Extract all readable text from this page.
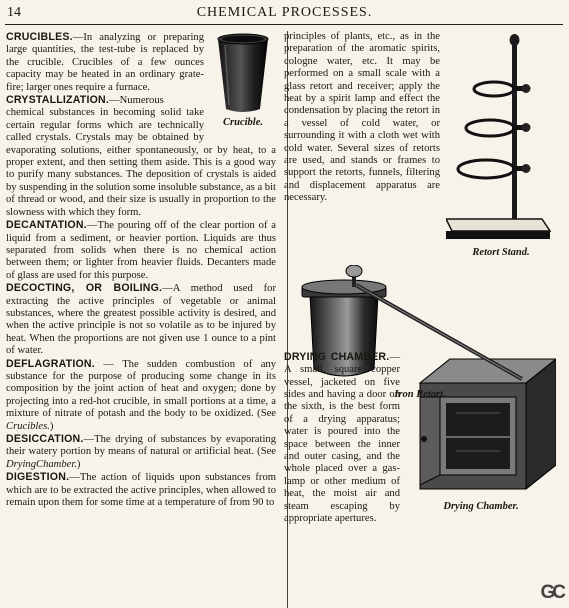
CHEMICAL PROCESSES.
14
Crucible.

CRUCIBLES.—In analyzing or preparing large quantities, the test-tube is replaced by the crucible. Crucibles of a few ounces capacity may be heated in an ordinary grate-fire; larger ones require a furnace.

CRYSTALLIZATION.—Numerous chemical substances in becoming solid take certain regular forms which are technically called crystals. Crystals may be obtained by evaporating solutions, either spontaneously, or by heat, to a proper extent, and then setting them aside. This is a good way to purify many substances. The deposition of crystals is aided by suspending in the solution some insoluble substance, as a bit of thread or wood, and their size is usually in proportion to the slowness with which they form.

DECANTATION.—The pouring off of the clear portion of a liquid from a sediment, or heavier portion. Liquids are thus separated from solids when there is no chemical action between them; or lighter from heavier fluids. Decanters made of glass are used for this purpose.

DECOCTING, OR BOILING.—A method used for extracting the active principles of vegetable or animal substances, where the greatest possible activity is desired, and when the active principle is not so volatile as to be injured by heat. When the proportions are not given use 1 ounce to a pint of water.

DEFLAGRATION. — The sudden combustion of any substance for the purpose of producing some change in its composition by the joint action of heat and oxygen; done by projecting into a red-hot crucible, in small portions at a time, a mixture of nitrate of potash and the body to be oxidized. (See Crucibles.)

DESICCATION.—The drying of substances by evaporating their watery portion by means of natural or artificial heat. (See DryingChamber.)

DIGESTION.—The action of liquids upon substances from which are to be extracted the active principles, when allowed to remain upon them for some time at a temperature of from 90 to

Retort Stand.

principles of plants, etc., as in the preparation of the aromatic spirits, cologne water, etc. It may be performed on a small scale with a glass retort and receiver; apply the heat by a spirit lamp and effect the condensation by placing the retort in a vessel of cold water, or surrounding it with a cloth wet with cold water. Several sizes of retorts are used, and stands or frames to support the retorts, funnels, filtering and displacement apparatus are necessary.

Iron Retort.
Drying Chamber.

DRYING CHAMBER.—A small, square copper vessel, jacketed on five sides and having a door on the sixth, is the best form of a drying apparatus; water is poured into the space between the inner and outer casing, and the whole placed over a gas-lamp or other medium of heat, the moist air and steam escaping by appropriate apertures.

GC
